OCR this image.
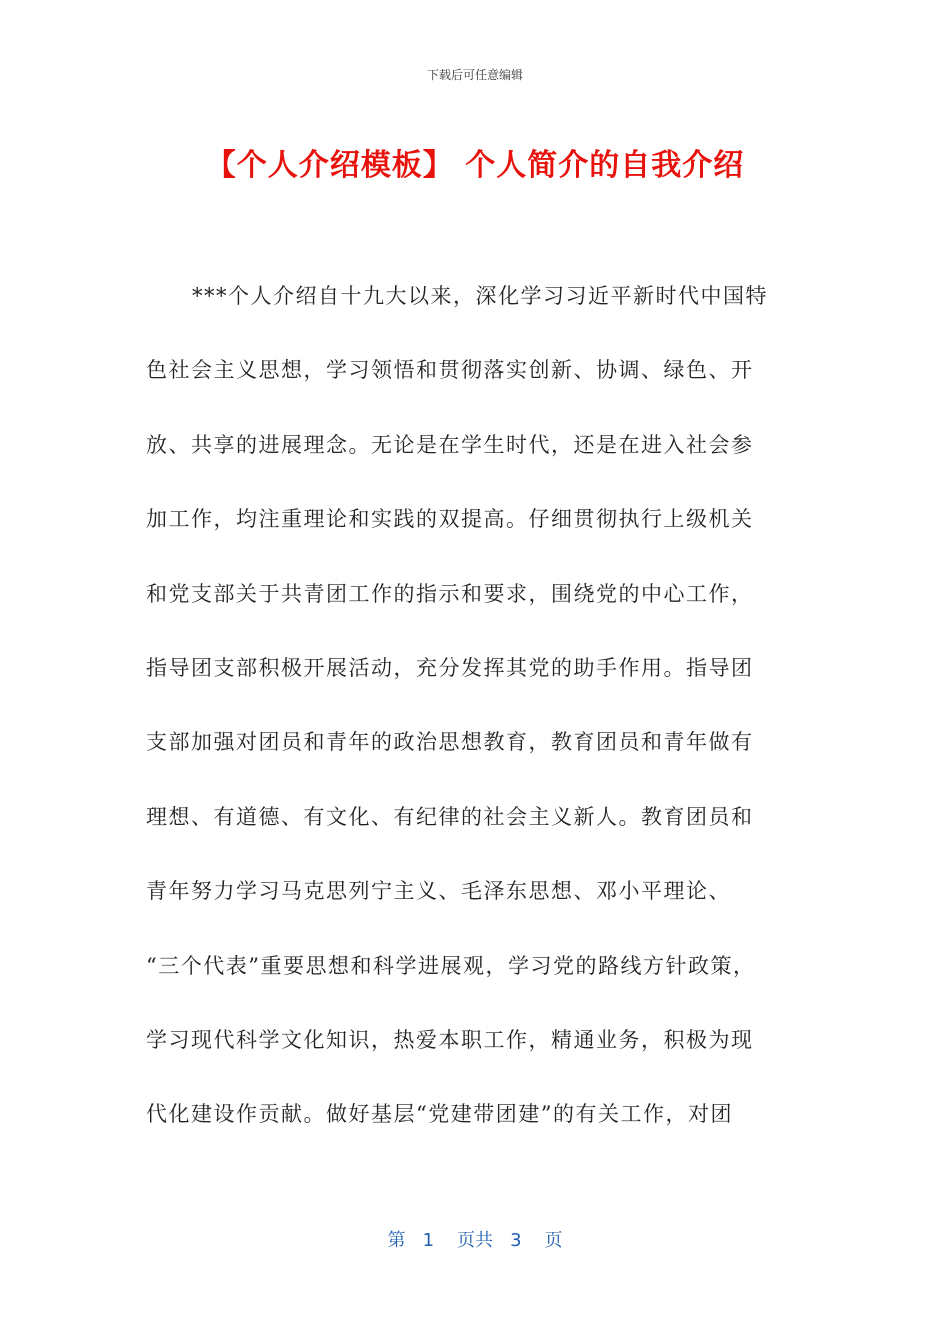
下载后可任意编辑
【个人介绍模板】 个人简介的自我介绍
***个人介绍自十九大以来，深化学习习近平新时代中国特
色社会主义思想，学习领悟和贯彻落实创新、协调、绿色、开
放、共享的进展理念。无论是在学生时代，还是在进入社会参
加工作，均注重理论和实践的双提高。仔细贯彻执行上级机关
和党支部关于共青团工作的指示和要求，围绕党的中心工作，
指导团支部积极开展活动，充分发挥其党的助手作用。指导团
支部加强对团员和青年的政治思想教育，教育团员和青年做有
理想、有道德、有文化、有纪律的社会主义新人。教育团员和
青年努力学习马克思列宁主义、毛泽东思想、邓小平理论、
“三个代表”重要思想和科学进展观，学习党的路线方针政策，
学习现代科学文化知识，热爱本职工作，精通业务，积极为现
代化建设作贡献。做好基层“党建带团建”的有关工作，对团
第 1 页共 3 页
